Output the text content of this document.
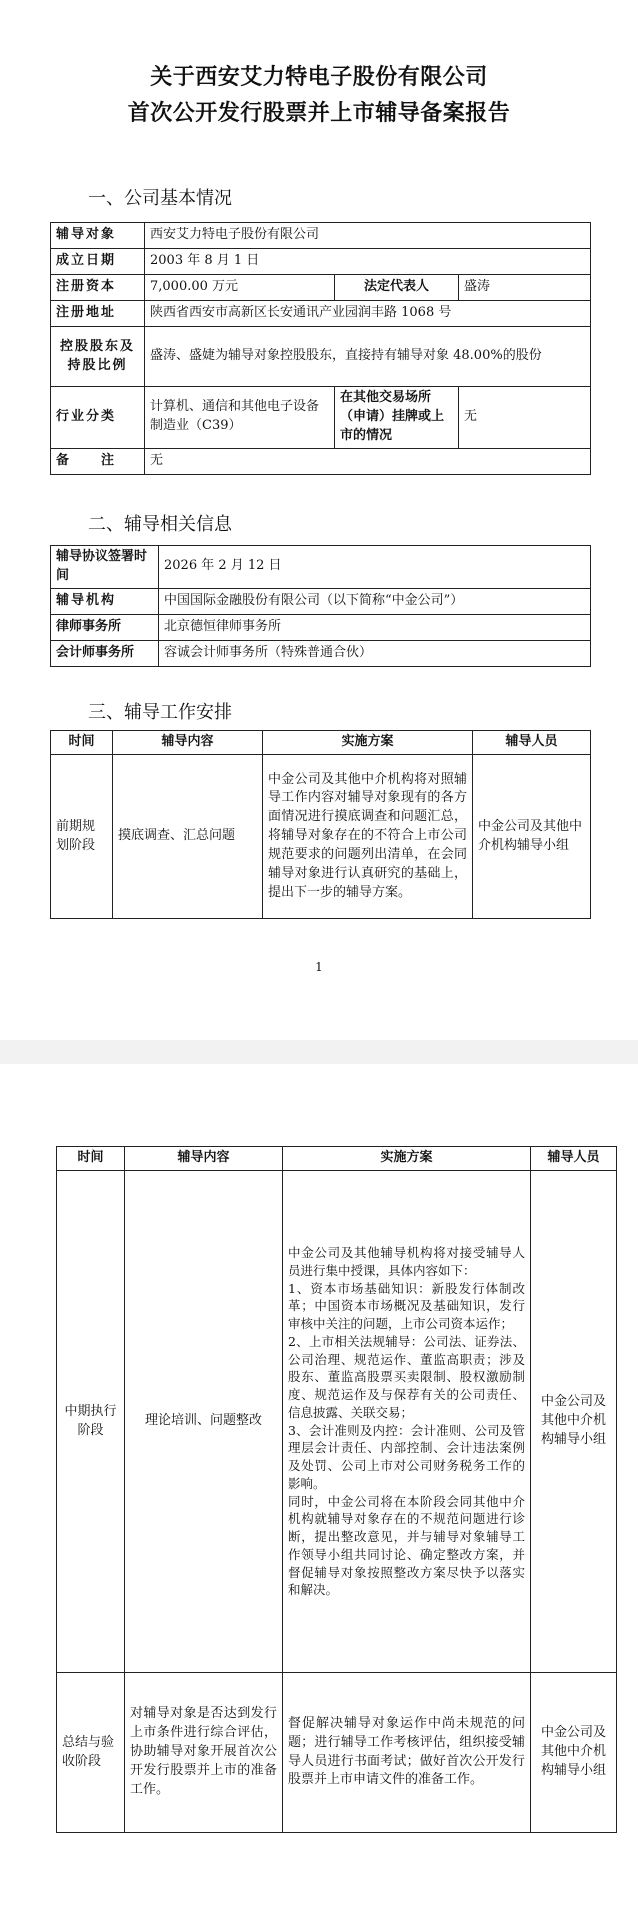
关于西安艾力特电子股份有限公司
首次公开发行股票并上市辅导备案报告
一、公司基本情况
辅导对象	西安艾力特电子股份有限公司		
成立日期	2003 年 8 月 1 日		
注册资本	7,000.00 万元	法定代表人	盛涛
注册地址	陕西省西安市高新区长安通讯产业园润丰路 1068 号		
控股股东及持股比例	盛涛、盛婕为辅导对象控股股东，直接持有辅导对象 48.00%的股份		
行业分类	计算机、通信和其他电子设备制造业（C39）	在其他交易场所（申请）挂牌或上市的情况	无
备　　注	无		
二、辅导相关信息
辅导协议签署时　　间	2026 年 2 月 12 日
辅导机构	中国国际金融股份有限公司（以下简称“中金公司”）
律师事务所	北京德恒律师事务所
会计师事务所	容诚会计师事务所（特殊普通合伙）
三、辅导工作安排
时间	辅导内容	实施方案	辅导人员
前期规划阶段	摸底调查、汇总问题	中金公司及其他中介机构将对照辅导工作内容对辅导对象现有的各方面情况进行摸底调查和问题汇总，将辅导对象存在的不符合上市公司规范要求的问题列出清单，在会同辅导对象进行认真研究的基础上，提出下一步的辅导方案。	中金公司及其他中介机构辅导小组
1
时间	辅导内容	实施方案	辅导人员
中期执行阶段	理论培训、问题整改	中金公司及其他辅导机构将对接受辅导人员进行集中授课，具体内容如下：
1、资本市场基础知识：新股发行体制改革；中国资本市场概况及基础知识，发行审核中关注的问题，上市公司资本运作；
2、上市相关法规辅导：公司法、证券法、公司治理、规范运作、董监高职责；涉及股东、董监高股票买卖限制、股权激励制度、规范运作及与保荐有关的公司责任、信息披露、关联交易；
3、会计准则及内控：会计准则、公司及管理层会计责任、内部控制、会计违法案例及处罚、公司上市对公司财务税务工作的影响。
同时，中金公司将在本阶段会同其他中介机构就辅导对象存在的不规范问题进行诊断，提出整改意见，并与辅导对象辅导工作领导小组共同讨论、确定整改方案，并督促辅导对象按照整改方案尽快予以落实和解决。	中金公司及其他中介机构辅导小组
总结与验收阶段	对辅导对象是否达到发行上市条件进行综合评估，协助辅导对象开展首次公开发行股票并上市的准备工作。	督促解决辅导对象运作中尚未规范的问题；进行辅导工作考核评估，组织接受辅导人员进行书面考试；做好首次公开发行股票并上市申请文件的准备工作。	中金公司及其他中介机构辅导小组
